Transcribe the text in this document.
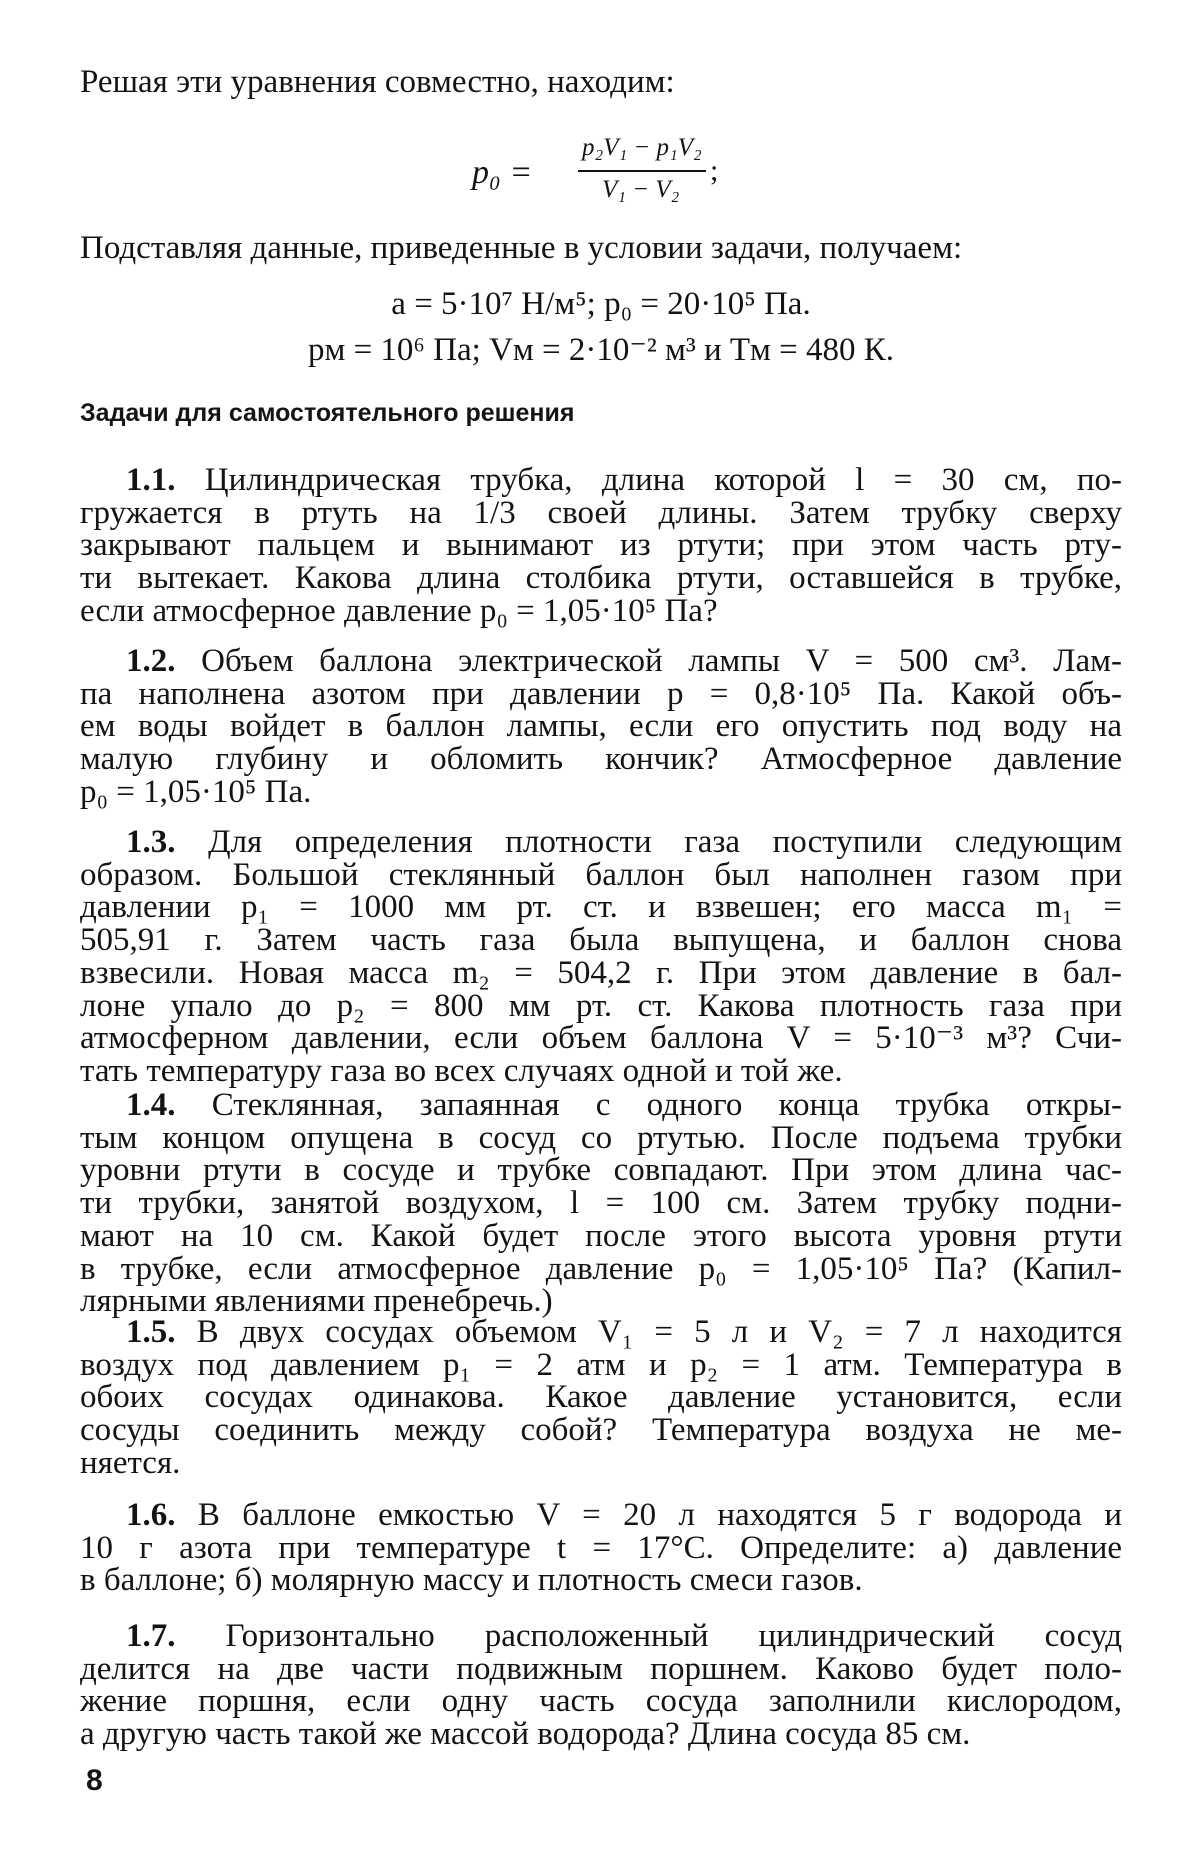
Решая эти уравнения совместно, находим:
p₀ =
p₂V₁ − p₁V₂
V₁ − V₂
;
Подставляя данные, приведенные в условии задачи, получаем:
a = 5·10⁷ Н/м⁵; p₀ = 20·10⁵ Па.
pм = 10⁶ Па; Vм = 2·10⁻² м³ и Tм = 480 К.
Задачи для самостоятельного решения
1.1. Цилиндрическая трубка, длина которой l = 30 см, по-
гружается в ртуть на 1/3 своей длины. Затем трубку сверху
закрывают пальцем и вынимают из ртути; при этом часть рту-
ти вытекает. Какова длина столбика ртути, оставшейся в трубке,
если атмосферное давление p₀ = 1,05·10⁵ Па?
1.2. Объем баллона электрической лампы V = 500 см³. Лам-
па наполнена азотом при давлении p = 0,8·10⁵ Па. Какой объ-
ем воды войдет в баллон лампы, если его опустить под воду на
малую глубину и обломить кончик? Атмосферное давление
p₀ = 1,05·10⁵ Па.
1.3. Для определения плотности газа поступили следующим
образом. Большой стеклянный баллон был наполнен газом при
давлении p₁ = 1000 мм рт. ст. и взвешен; его масса m₁ =
505,91 г. Затем часть газа была выпущена, и баллон снова
взвесили. Новая масса m₂ = 504,2 г. При этом давление в бал-
лоне упало до p₂ = 800 мм рт. ст. Какова плотность газа при
атмосферном давлении, если объем баллона V = 5·10⁻³ м³? Счи-
тать температуру газа во всех случаях одной и той же.
1.4. Стеклянная, запаянная с одного конца трубка откры-
тым концом опущена в сосуд со ртутью. После подъема трубки
уровни ртути в сосуде и трубке совпадают. При этом длина час-
ти трубки, занятой воздухом, l = 100 см. Затем трубку подни-
мают на 10 см. Какой будет после этого высота уровня ртути
в трубке, если атмосферное давление p₀ = 1,05·10⁵ Па? (Капил-
лярными явлениями пренебречь.)
1.5. В двух сосудах объемом V₁ = 5 л и V₂ = 7 л находится
воздух под давлением p₁ = 2 атм и p₂ = 1 атм. Температура в
обоих сосудах одинакова. Какое давление установится, если
сосуды соединить между собой? Температура воздуха не ме-
няется.
1.6. В баллоне емкостью V = 20 л находятся 5 г водорода и
10 г азота при температуре t = 17°C. Определите: а) давление
в баллоне; б) молярную массу и плотность смеси газов.
1.7. Горизонтально расположенный цилиндрический сосуд
делится на две части подвижным поршнем. Каково будет поло-
жение поршня, если одну часть сосуда заполнили кислородом,
а другую часть такой же массой водорода? Длина сосуда 85 см.
8
